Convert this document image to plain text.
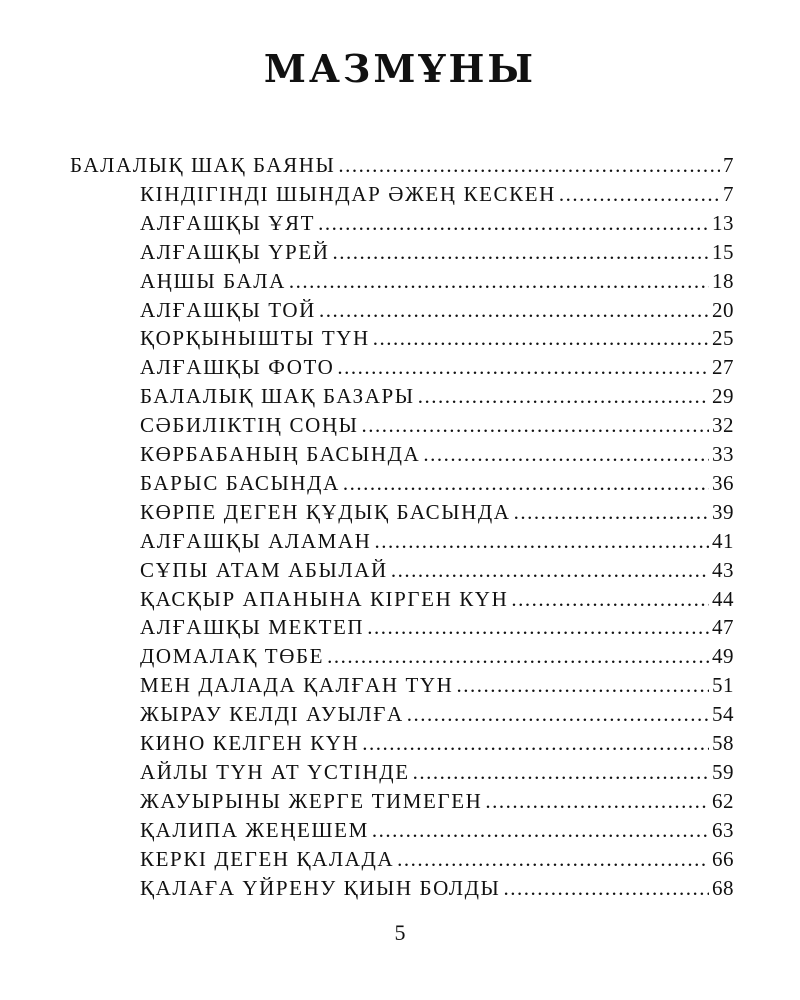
МАЗМҰНЫ
БАЛАЛЫҚ ШАҚ БАЯНЫ .....	7
КІНДІГІНДІ ШЫНДАР ӘЖЕҢ КЕСКЕН .....	7
АЛҒАШҚЫ ҰЯТ .....	13
АЛҒАШҚЫ ҮРЕЙ .....	15
АҢШЫ БАЛА .....	18
АЛҒАШҚЫ ТОЙ .....	20
ҚОРҚЫНЫШТЫ ТҮН .....	25
АЛҒАШҚЫ ФОТО .....	27
БАЛАЛЫҚ ШАҚ БАЗАРЫ .....	29
СӘБИЛІКТІҢ СОҢЫ .....	32
КӨРБАБАНЫҢ БАСЫНДА .....	33
БАРЫС БАСЫНДА .....	36
КӨРПЕ ДЕГЕН ҚҰДЫҚ БАСЫНДА .....	39
АЛҒАШҚЫ АЛАМАН .....	41
СҰПЫ АТАМ АБЫЛАЙ .....	43
ҚАСҚЫР АПАНЫНА КІРГЕН КҮН .....	44
АЛҒАШҚЫ МЕКТЕП .....	47
ДОМАЛАҚ ТӨБЕ .....	49
МЕН ДАЛАДА ҚАЛҒАН ТҮН .....	51
ЖЫРАУ КЕЛДІ АУЫЛҒА .....	54
КИНО КЕЛГЕН КҮН .....	58
АЙЛЫ ТҮН АТ ҮСТІНДЕ .....	59
ЖАУЫРЫНЫ ЖЕРГЕ ТИМЕГЕН .....	62
ҚАЛИПА ЖЕҢЕШЕМ .....	63
КЕРКІ ДЕГЕН ҚАЛАДА .....	66
ҚАЛАҒА ҮЙРЕНУ ҚИЫН БОЛДЫ .....	68
5
